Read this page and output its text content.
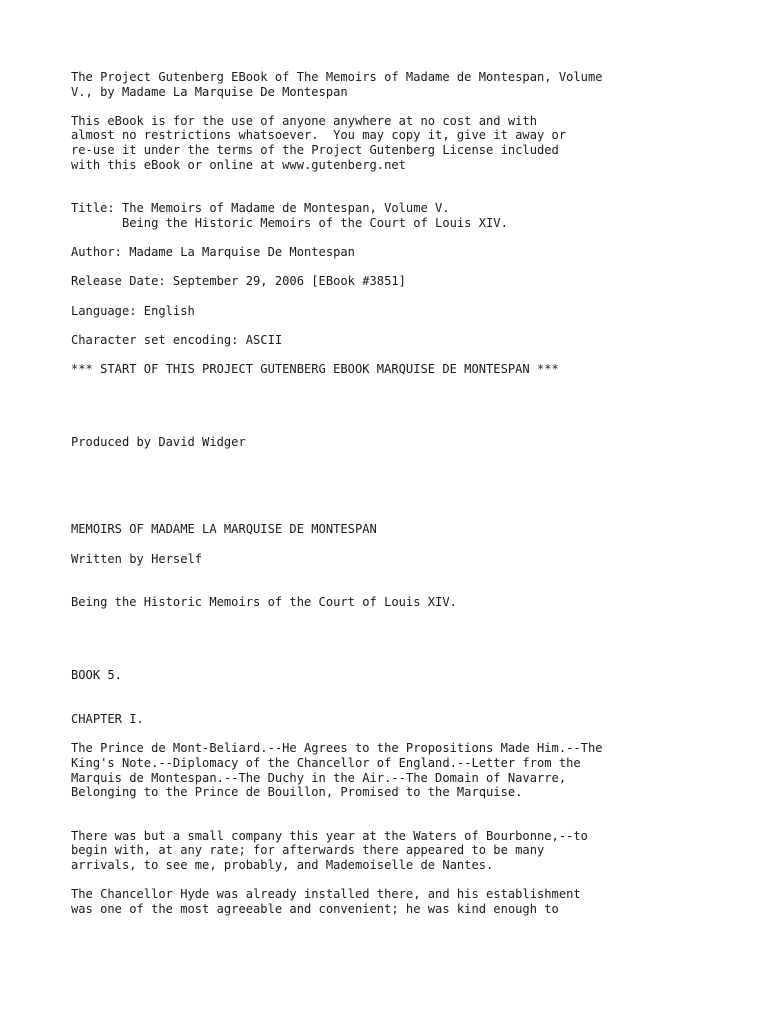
The Project Gutenberg EBook of The Memoirs of Madame de Montespan, Volume
V., by Madame La Marquise De Montespan
This eBook is for the use of anyone anywhere at no cost and with
almost no restrictions whatsoever.  You may copy it, give it away or
re-use it under the terms of the Project Gutenberg License included
with this eBook or online at www.gutenberg.net
Title: The Memoirs of Madame de Montespan, Volume V.
Being the Historic Memoirs of the Court of Louis XIV.
Author: Madame La Marquise De Montespan
Release Date: September 29, 2006 [EBook #3851]
Language: English
Character set encoding: ASCII
*** START OF THIS PROJECT GUTENBERG EBOOK MARQUISE DE MONTESPAN ***
Produced by David Widger
MEMOIRS OF MADAME LA MARQUISE DE MONTESPAN
Written by Herself
Being the Historic Memoirs of the Court of Louis XIV.
BOOK 5.
CHAPTER I.
The Prince de Mont-Beliard.--He Agrees to the Propositions Made Him.--The
King's Note.--Diplomacy of the Chancellor of England.--Letter from the
Marquis de Montespan.--The Duchy in the Air.--The Domain of Navarre,
Belonging to the Prince de Bouillon, Promised to the Marquise.
There was but a small company this year at the Waters of Bourbonne,--to
begin with, at any rate; for afterwards there appeared to be many
arrivals, to see me, probably, and Mademoiselle de Nantes.
The Chancellor Hyde was already installed there, and his establishment
was one of the most agreeable and convenient; he was kind enough to
